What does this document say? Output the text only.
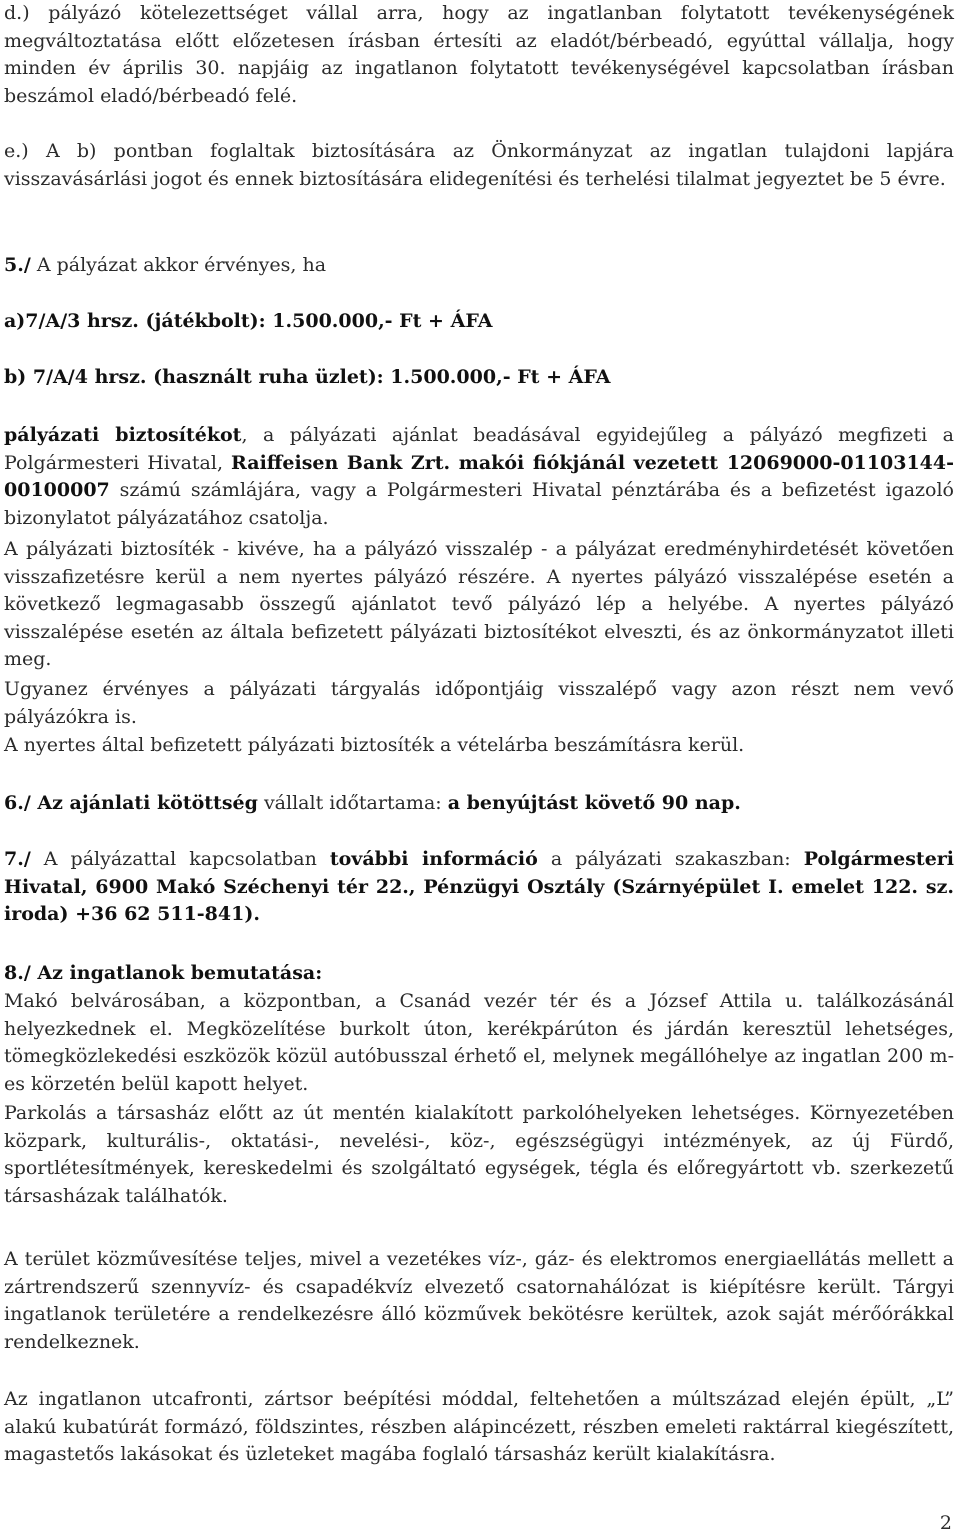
d.) pályázó kötelezettséget vállal arra, hogy az ingatlanban folytatott tevékenységének megváltoztatása előtt előzetesen írásban értesíti az eladót/bérbeadó, egyúttal vállalja, hogy minden év április 30. napjáig az ingatlanon folytatott tevékenységével kapcsolatban írásban beszámol eladó/bérbeadó felé.

e.) A b) pontban foglaltak biztosítására az Önkormányzat az ingatlan tulajdoni lapjára visszavásárlási jogot és ennek biztosítására elidegenítési és terhelési tilalmat jegyeztet be 5 évre.

5./ A pályázat akkor érvényes, ha

a)7/A/3 hrsz. (játékbolt): 1.500.000,- Ft + ÁFA

b) 7/A/4 hrsz. (használt ruha üzlet): 1.500.000,- Ft + ÁFA

pályázati biztosítékot, a pályázati ajánlat beadásával egyidejűleg a pályázó megfizeti a Polgármesteri Hivatal, Raiffeisen Bank Zrt. makói fiókjánál vezetett 12069000-01103144-00100007 számú számlájára, vagy a Polgármesteri Hivatal pénztárába és a befizetést igazoló bizonylatot pályázatához csatolja.

A pályázati biztosíték - kivéve, ha a pályázó visszalép - a pályázat eredményhirdetését követően visszafizetésre kerül a nem nyertes pályázó részére. A nyertes pályázó visszalépése esetén a következő legmagasabb összegű ajánlatot tevő pályázó lép a helyébe. A nyertes pályázó visszalépése esetén az általa befizetett pályázati biztosítékot elveszti, és az önkormányzatot illeti meg.

Ugyanez érvényes a pályázati tárgyalás időpontjáig visszalépő vagy azon részt nem vevő pályázókra is.

A nyertes által befizetett pályázati biztosíték a vételárba beszámításra kerül.

6./ Az ajánlati kötöttség vállalt időtartama: a benyújtást követő 90 nap.

7./ A pályázattal kapcsolatban további információ a pályázati szakaszban: Polgármesteri Hivatal, 6900 Makó Széchenyi tér 22., Pénzügyi Osztály (Szárnyépület I. emelet 122. sz. iroda) +36 62 511-841).

8./ Az ingatlanok bemutatása:

Makó belvárosában, a központban, a Csanád vezér tér és a József Attila u. találkozásánál helyezkednek el. Megközelítése burkolt úton, kerékpárúton és járdán keresztül lehetséges, tömegközlekedési eszközök közül autóbusszal érhető el, melynek megállóhelye az ingatlan 200 m-es körzetén belül kapott helyet.

Parkolás a társasház előtt az út mentén kialakított parkolóhelyeken lehetséges. Környezetében közpark, kulturális-, oktatási-, nevelési-, köz-, egészségügyi intézmények, az új Fürdő, sportlétesítmények, kereskedelmi és szolgáltató egységek, tégla és előregyártott vb. szerkezetű társasházak találhatók.

A terület közművesítése teljes, mivel a vezetékes víz-, gáz- és elektromos energiaellátás mellett a zártrendszerű szennyvíz- és csapadékvíz elvezető csatornahálózat is kiépítésre került. Tárgyi ingatlanok területére a rendelkezésre álló közművek bekötésre kerültek, azok saját mérőórákkal rendelkeznek.

Az ingatlanon utcafronti, zártsor beépítési móddal, feltehetően a múltszázad elején épült, „L” alakú kubatúrát formázó, földszintes, részben alápincézett, részben emeleti raktárral kiegészített, magastetős lakásokat és üzleteket magába foglaló társasház került kialakításra.

2
